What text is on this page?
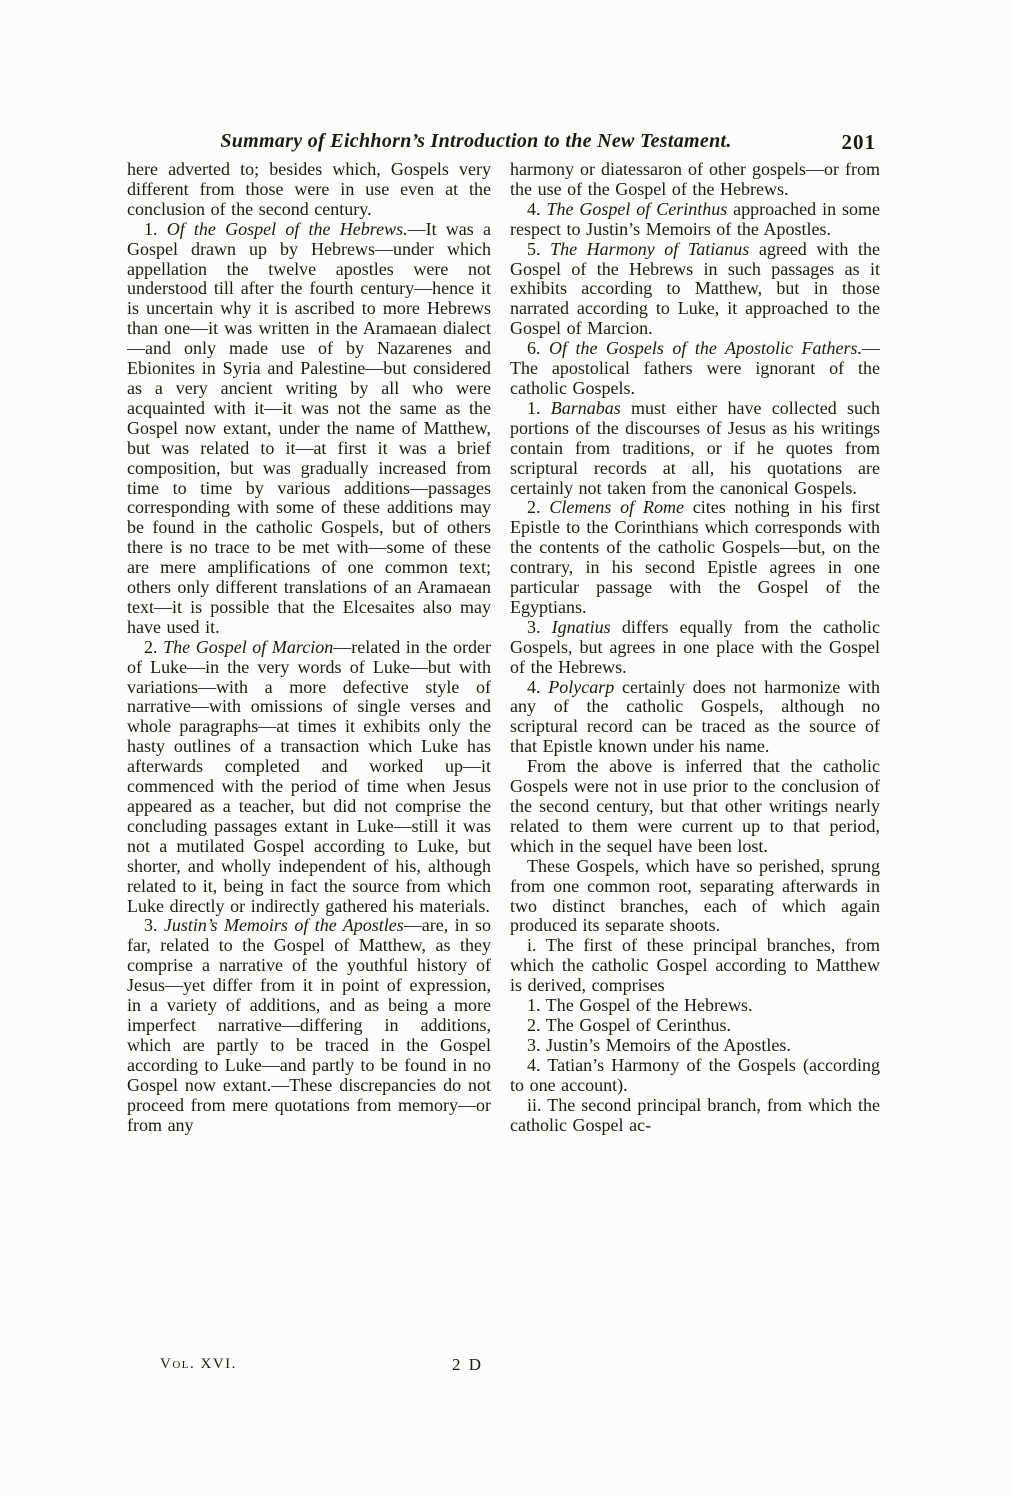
Summary of Eichhorn’s Introduction to the New Testament.	201

here adverted to; besides which, Gospels very different from those were in use even at the conclusion of the second century.

1. Of the Gospel of the Hebrews.—It was a Gospel drawn up by Hebrews—under which appellation the twelve apostles were not understood till after the fourth century—hence it is uncertain why it is ascribed to more Hebrews than one—it was written in the Aramaean dialect—and only made use of by Nazarenes and Ebionites in Syria and Palestine—but considered as a very ancient writing by all who were acquainted with it—it was not the same as the Gospel now extant, under the name of Matthew, but was related to it—at first it was a brief composition, but was gradually increased from time to time by various additions—passages corresponding with some of these additions may be found in the catholic Gospels, but of others there is no trace to be met with—some of these are mere amplifications of one common text; others only different translations of an Aramaean text—it is possible that the Elcesaites also may have used it.

2. The Gospel of Marcion—related in the order of Luke—in the very words of Luke—but with variations—with a more defective style of narrative—with omissions of single verses and whole paragraphs—at times it exhibits only the hasty outlines of a transaction which Luke has afterwards completed and worked up—it commenced with the period of time when Jesus appeared as a teacher, but did not comprise the concluding passages extant in Luke—still it was not a mutilated Gospel according to Luke, but shorter, and wholly independent of his, although related to it, being in fact the source from which Luke directly or indirectly gathered his materials.

3. Justin’s Memoirs of the Apostles—are, in so far, related to the Gospel of Matthew, as they comprise a narrative of the youthful history of Jesus—yet differ from it in point of expression, in a variety of additions, and as being a more imperfect narrative—differing in additions, which are partly to be traced in the Gospel according to Luke—and partly to be found in no Gospel now extant.—These discrepancies do not proceed from mere quotations from memory—or from any

harmony or diatessaron of other gospels—or from the use of the Gospel of the Hebrews.

4. The Gospel of Cerinthus approached in some respect to Justin’s Memoirs of the Apostles.

5. The Harmony of Tatianus agreed with the Gospel of the Hebrews in such passages as it exhibits according to Matthew, but in those narrated according to Luke, it approached to the Gospel of Marcion.

6. Of the Gospels of the Apostolic Fathers.—The apostolical fathers were ignorant of the catholic Gospels.

1. Barnabas must either have collected such portions of the discourses of Jesus as his writings contain from traditions, or if he quotes from scriptural records at all, his quotations are certainly not taken from the canonical Gospels.

2. Clemens of Rome cites nothing in his first Epistle to the Corinthians which corresponds with the contents of the catholic Gospels—but, on the contrary, in his second Epistle agrees in one particular passage with the Gospel of the Egyptians.

3. Ignatius differs equally from the catholic Gospels, but agrees in one place with the Gospel of the Hebrews.

4. Polycarp certainly does not harmonize with any of the catholic Gospels, although no scriptural record can be traced as the source of that Epistle known under his name.

From the above is inferred that the catholic Gospels were not in use prior to the conclusion of the second century, but that other writings nearly related to them were current up to that period, which in the sequel have been lost.

These Gospels, which have so perished, sprung from one common root, separating afterwards in two distinct branches, each of which again produced its separate shoots.

i. The first of these principal branches, from which the catholic Gospel according to Matthew is derived, comprises

1. The Gospel of the Hebrews.

2. The Gospel of Cerinthus.

3. Justin’s Memoirs of the Apostles.

4. Tatian’s Harmony of the Gospels (according to one account).

ii. The second principal branch, from which the catholic Gospel ac-

Vol. XVI.	2 D
